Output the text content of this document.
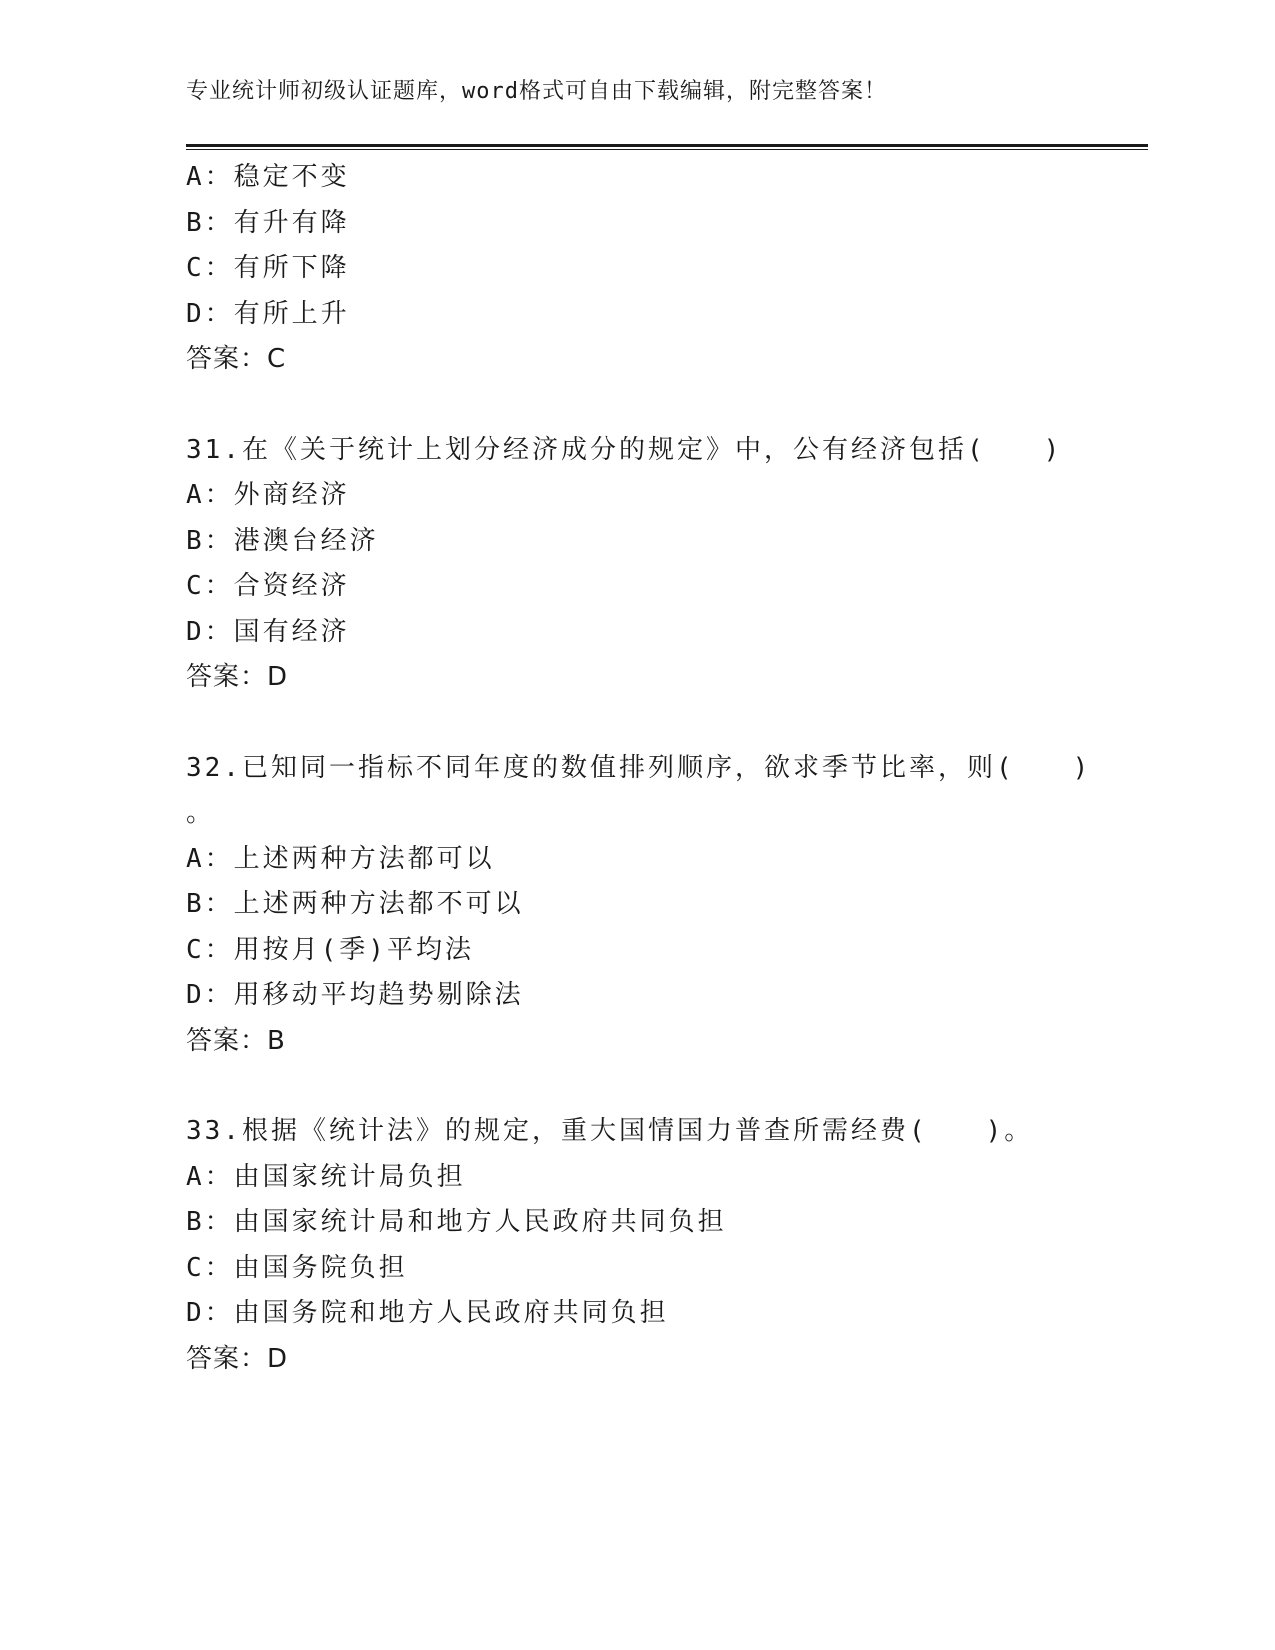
专业统计师初级认证题库，word格式可自由下载编辑，附完整答案！
A：稳定不变
B：有升有降
C：有所下降
D：有所上升
答案：C
31.在《关于统计上划分经济成分的规定》中，公有经济包括(　　)
A：外商经济
B：港澳台经济
C：合资经济
D：国有经济
答案：D
32.已知同一指标不同年度的数值排列顺序，欲求季节比率，则(　　)
。
A：上述两种方法都可以
B：上述两种方法都不可以
C：用按月(季)平均法
D：用移动平均趋势剔除法
答案：B
33.根据《统计法》的规定，重大国情国力普查所需经费(　　)。
A：由国家统计局负担
B：由国家统计局和地方人民政府共同负担
C：由国务院负担
D：由国务院和地方人民政府共同负担
答案：D
